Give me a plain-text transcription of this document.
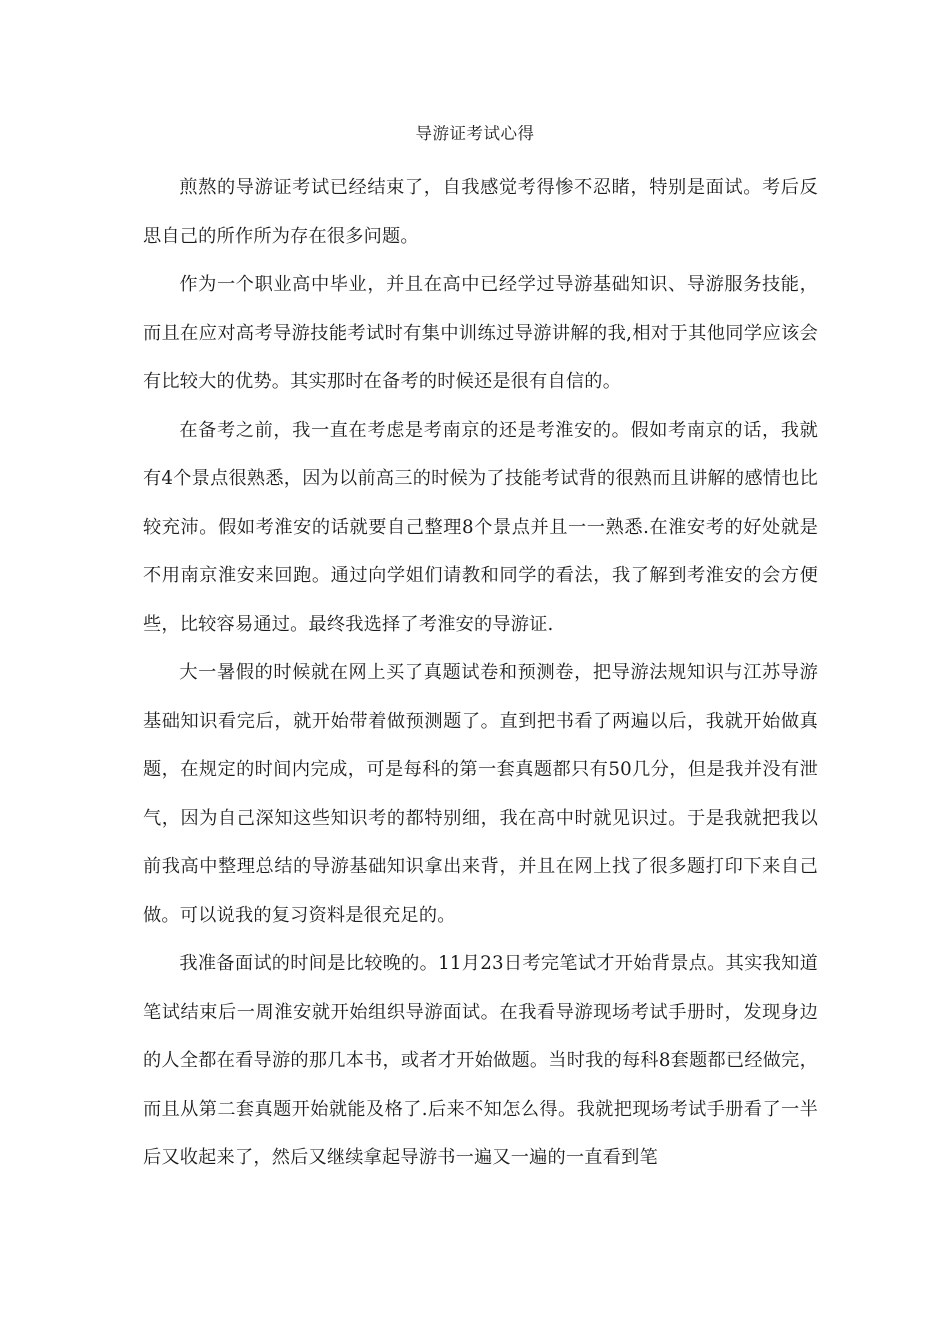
导游证考试心得

煎熬的导游证考试已经结束了，自我感觉考得惨不忍睹，特别是面试。考后反思自己的所作所为存在很多问题。

作为一个职业高中毕业，并且在高中已经学过导游基础知识、导游服务技能，而且在应对高考导游技能考试时有集中训练过导游讲解的我,相对于其他同学应该会有比较大的优势。其实那时在备考的时候还是很有自信的。

在备考之前，我一直在考虑是考南京的还是考淮安的。假如考南京的话，我就有4个景点很熟悉，因为以前高三的时候为了技能考试背的很熟而且讲解的感情也比较充沛。假如考淮安的话就要自己整理8个景点并且一一熟悉.在淮安考的好处就是不用南京淮安来回跑。通过向学姐们请教和同学的看法，我了解到考淮安的会方便些，比较容易通过。最终我选择了考淮安的导游证.

大一暑假的时候就在网上买了真题试卷和预测卷，把导游法规知识与江苏导游基础知识看完后，就开始带着做预测题了。直到把书看了两遍以后，我就开始做真题，在规定的时间内完成，可是每科的第一套真题都只有50几分，但是我并没有泄气，因为自己深知这些知识考的都特别细，我在高中时就见识过。于是我就把我以前我高中整理总结的导游基础知识拿出来背，并且在网上找了很多题打印下来自己做。可以说我的复习资料是很充足的。

我准备面试的时间是比较晚的。11月23日考完笔试才开始背景点。其实我知道笔试结束后一周淮安就开始组织导游面试。在我看导游现场考试手册时，发现身边的人全都在看导游的那几本书，或者才开始做题。当时我的每科8套题都已经做完，而且从第二套真题开始就能及格了.后来不知怎么得。我就把现场考试手册看了一半后又收起来了，然后又继续拿起导游书一遍又一遍的一直看到笔
